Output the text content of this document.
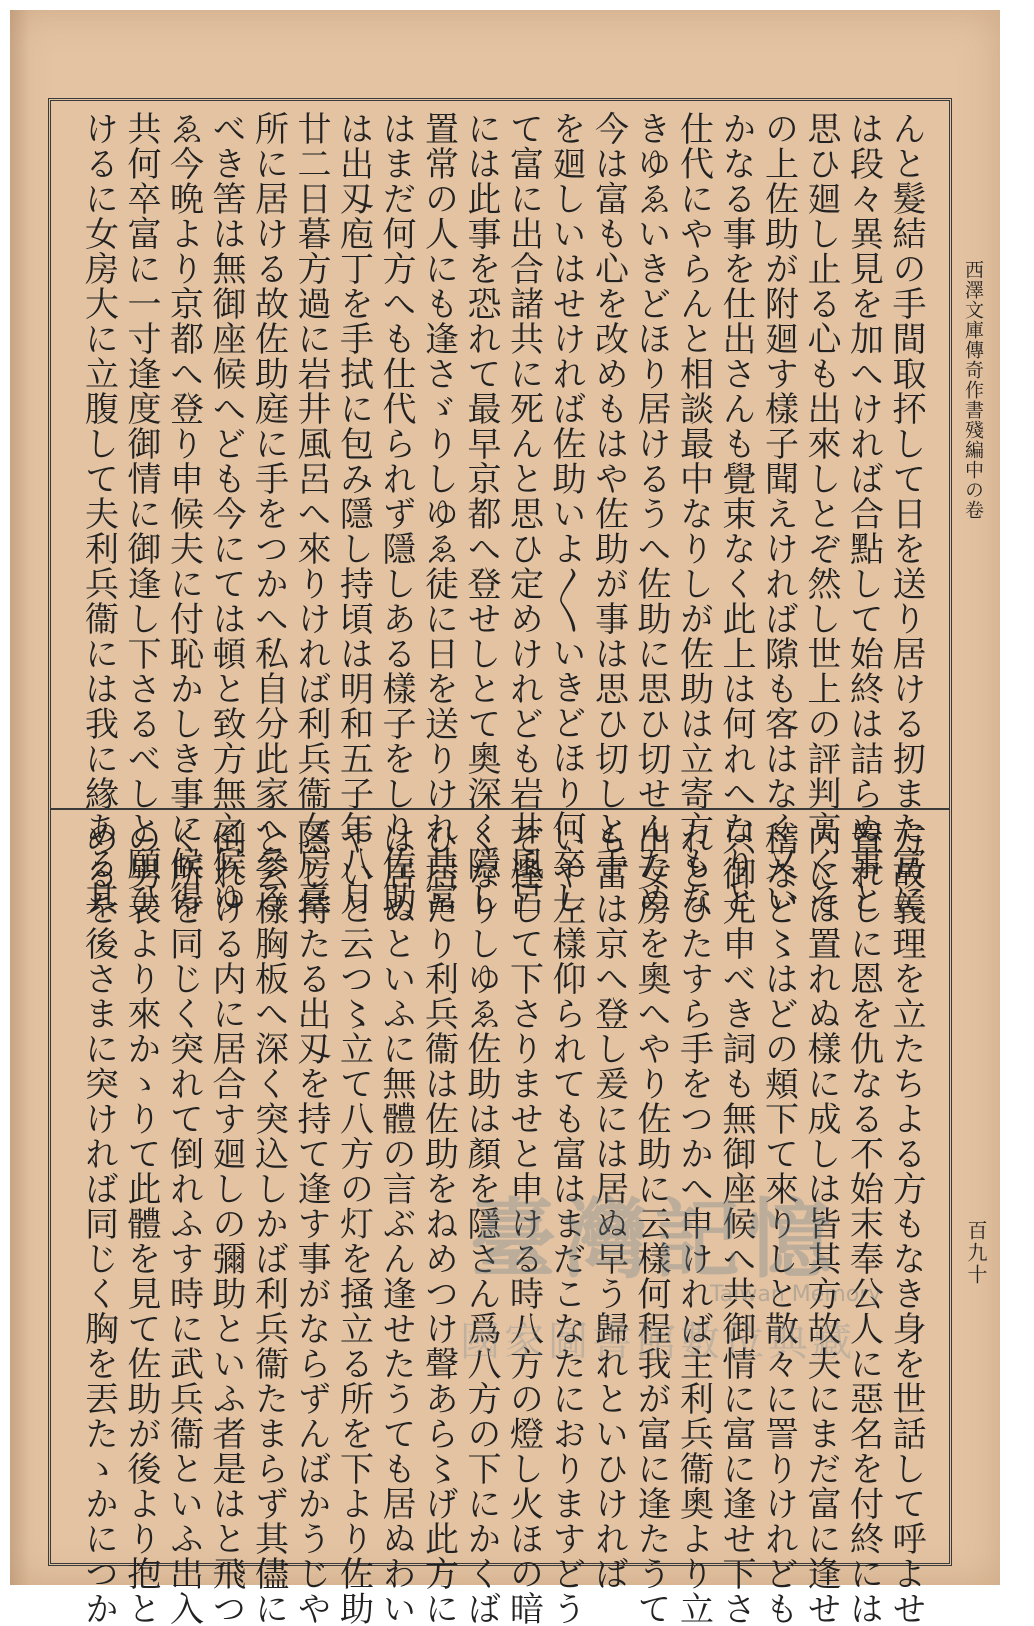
西澤文庫傳奇作書殘編中の卷
んと髮結の手間取抔して日を送り居ける扨また富に
は段々異見を加へければ合點して始終は詰らぬ事と
思ひ廻し止る心も出來しとぞ然し世上の評判高くそ
の上佐助が附廻す樣子聞えければ𨻶も客はなく又い
かなる事を仕出さんも覺束なく此上は何れへなりと
仕代にやらんと相談最中なりしが佐助は立寄方もな
きゆゑいきどほり居けるうへ佐助に思ひ切せんため
今は富も心を改めもはや佐助が事は思ひ切しと手
を廻しいはせければ佐助いよ〳〵いきどほり何卒し
て富に出合諸共に死んと思ひ定めけれども岩井風呂
には此事を恐れて最早京都へ登せしとて奧深く隱し
置常の人にも逢さゞりしゆゑ徒に日を送りけれ共富
はまだ何方へも仕代られず隱しある樣子をしり佐助
は出刄庖丁を手拭に包み隱し持頃は明和五子年八月
廿二日暮方過に岩井風呂へ來りければ利兵衞女房臺
所に居ける故佐助庭に手をつかへ私自分此家へ參る
べき筈は無御座候へども今にては頓と致方無之候ゆ
ゑ今晩より京都へ登り申候夫に付恥かしき事に候得
共何卒富に一寸逢度御情に御逢し下さるべしと願ひ
けるに女房大に立腹して夫利兵衞には我に緣ある其
方故義理を立たちよる方もなき身を世話して呼よせ
置れしに恩を仇なる不始末奉公人に惡名を付終には
内には置れぬ樣に成しは皆其方故夫にまだ富に逢せ
𥡴など〻はどの頬下て來りしと散々に詈りけれども
只御尤申べき詞も無御座候へ共御情に富に逢せ下さ
れとひたすら手をつかへ申ければ主利兵衞奧より立
出女房を奧へやり佐助に云樣何程我が富に逢たうて
も富は京へ登し爰には居ぬ早う歸れといひければ
いや左樣仰られても富はまだこなたにおりますどう
ぞ逢して下さりませと申ける時八方の燈し火ほの暗
くなりしゆゑ佐助は顏を隱さん爲八方の下にかくば
ひ居たり利兵衞は佐助をねめつけ聲あら〻げ此方に
は居ぬといふに無體の言ぶん逢せたうても居ぬわい
やいと云つ〻立て八方の灯を掻立る所を下より佐助
隱し持たる出刄を持て逢す事がならずんばかうじや
と云樣胸板へ深く突込しかば利兵衞たまらず其儘に
倒れける内に居合す廻しの彌助といふ者是はと飛つ
く所を同じく突れて倒れふす時に武兵衞といふ出入
の男表より來かゝりて此體を見て佐助が後より抱と
めるを後さまに突ければ同じく胸を丟たゝかにつか	百九十
臺灣記憶
Taiwan Memory
國家圖書館數位典藏
